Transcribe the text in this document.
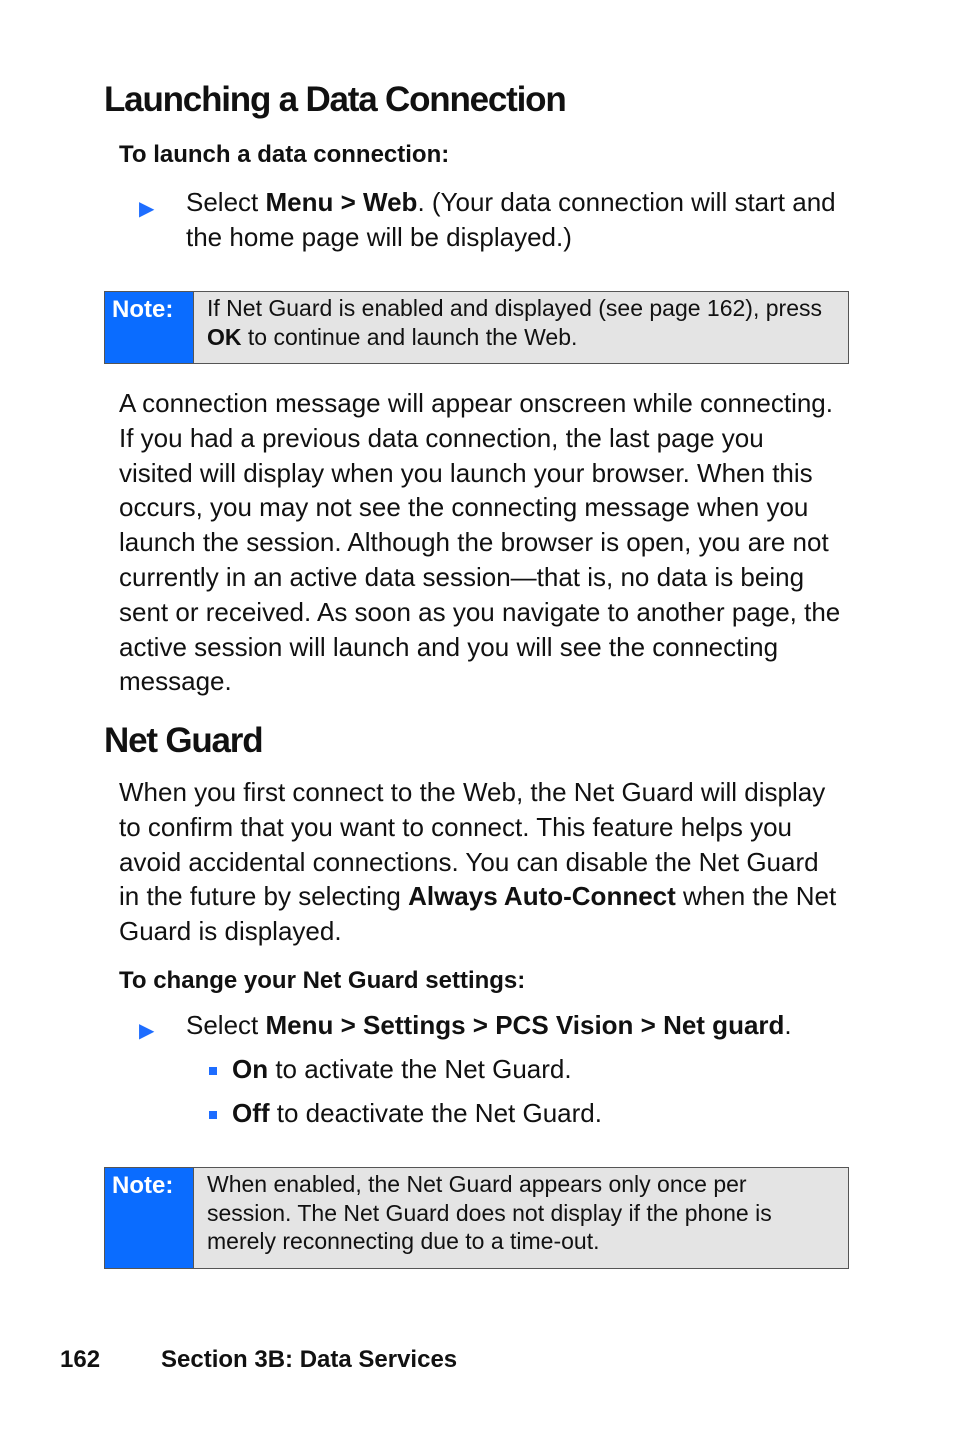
Launching a Data Connection
To launch a data connection:
▶ Select Menu > Web. (Your data connection will start and
the home page will be displayed.)
Note:	If Net Guard is enabled and displayed (see page 162), press
OK to continue and launch the Web.
A connection message will appear onscreen while connecting.
If you had a previous data connection, the last page you
visited will display when you launch your browser. When this
occurs, you may not see the connecting message when you
launch the session. Although the browser is open, you are not
currently in an active data session—that is, no data is being
sent or received. As soon as you navigate to another page, the
active session will launch and you will see the connecting
message.
Net Guard
When you first connect to the Web, the Net Guard will display
to confirm that you want to connect. This feature helps you
avoid accidental connections. You can disable the Net Guard
in the future by selecting Always Auto-Connect when the Net
Guard is displayed.
To change your Net Guard settings:
▶ Select Menu > Settings > PCS Vision > Net guard.
On to activate the Net Guard.
Off to deactivate the Net Guard.
Note:	When enabled, the Net Guard appears only once per
session. The Net Guard does not display if the phone is
merely reconnecting due to a time-out.
162	Section 3B: Data Services
